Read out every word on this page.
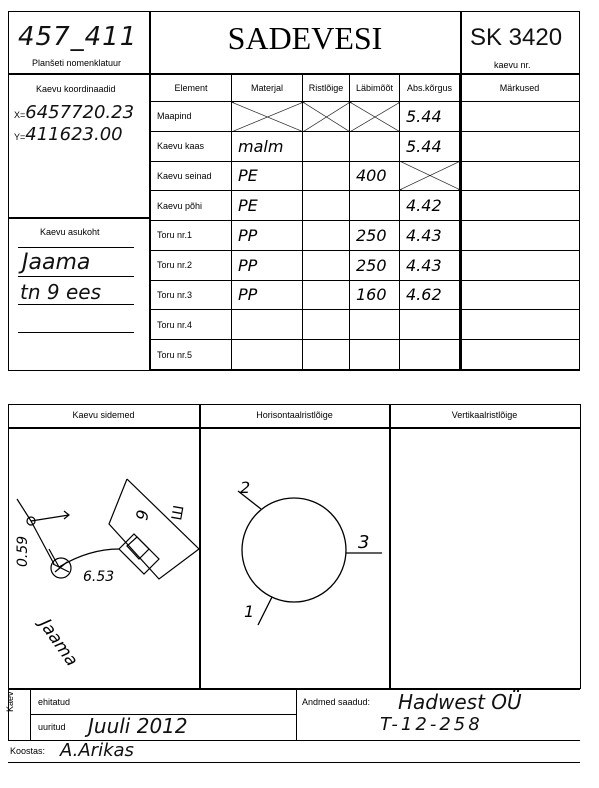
457_411
Planšeti nomenklatuur
SADEVESI	SK 3420
kaevu nr.
Kaevu koordinaadid
X=6457720.23
Y=411623.00
Kaevu asukoht
Jaama
tn 9 ees
Element	Materjal	Ristlõige	Läbimõõt	Abs.kõrgus	Märkused
Maapind				5.44	
Kaevu kaas	malm			5.44	
Kaevu seinad	PE		400		
Kaevu põhi	PE			4.42	
Toru nr.1	PP		250	4.43	
Toru nr.2	PP		250	4.43	
Toru nr.3	PP		160	4.62	
Toru nr.4					
Toru nr.5					
Kaevu sidemed	Horisontaalristlõige	Vertikaalristlõige
0.59
6.53
9
Jaama
Ш
2
3
1
Kaev	ehitatud
uuritud Juuli 2012
Andmed saadud: Hadwest OÜ
T-12-258
Koostas: A.Arikas
